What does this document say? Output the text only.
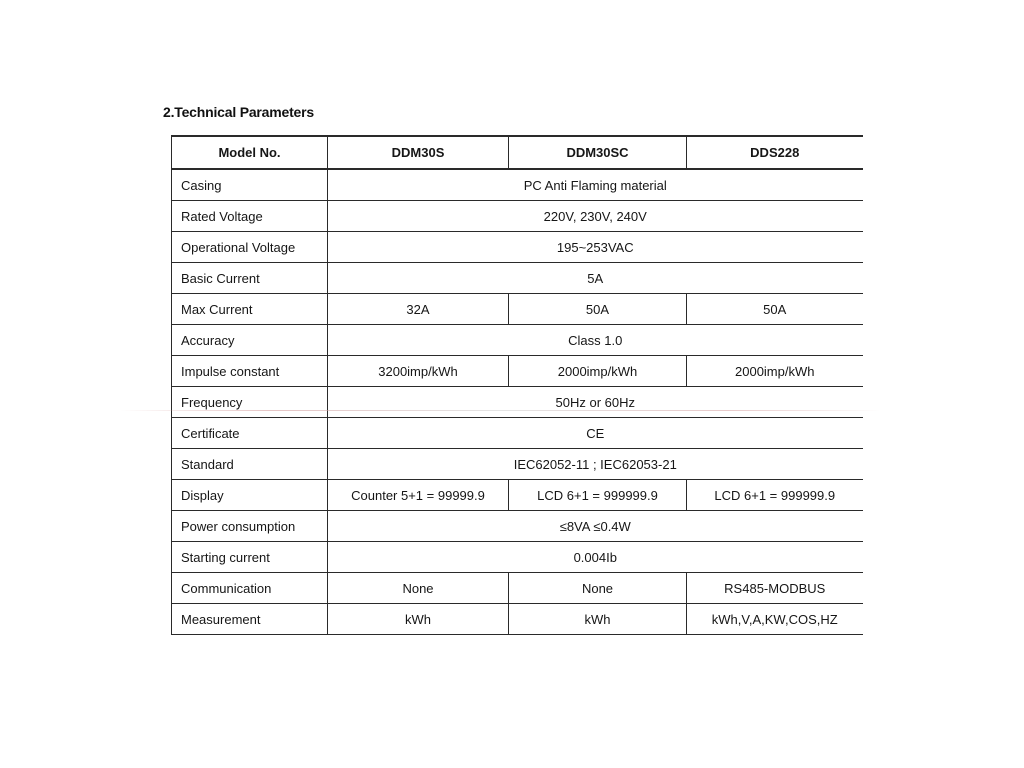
2.Technical Parameters
Model No.	DDM30S	DDM30SC	DDS228
Casing	PC Anti Flaming material		
Rated Voltage	220V, 230V, 240V		
Operational Voltage	195~253VAC		
Basic Current	5A		
Max Current	32A	50A	50A
Accuracy	Class 1.0		
Impulse constant	3200imp/kWh	2000imp/kWh	2000imp/kWh
Frequency	50Hz or 60Hz		
Certificate	CE		
Standard	IEC62052-11 ; IEC62053-21		
Display	Counter 5+1 = 99999.9	LCD 6+1 = 999999.9	LCD 6+1 = 999999.9
Power consumption	≤8VA ≤0.4W		
Starting current	0.004Ib		
Communication	None	None	RS485-MODBUS
Measurement	kWh	kWh	kWh,V,A,KW,COS,HZ
